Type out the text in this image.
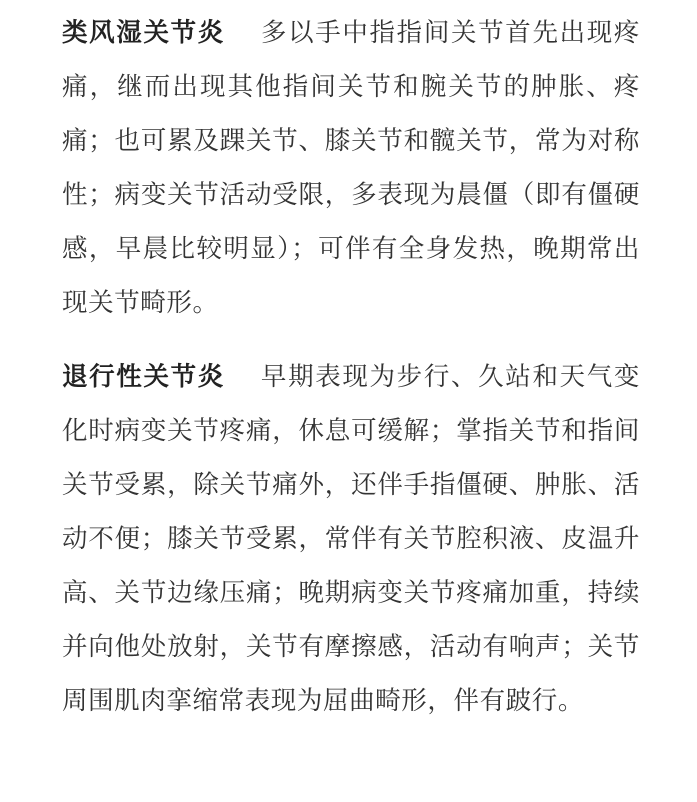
类风湿关节炎 多以手中指指间关节首先出现疼痛，继而出现其他指间关节和腕关节的肿胀、疼痛；也可累及踝关节、膝关节和髋关节，常为对称性；病变关节活动受限，多表现为晨僵（即有僵硬感，早晨比较明显）；可伴有全身发热，晚期常出现关节畸形。

退行性关节炎 早期表现为步行、久站和天气变化时病变关节疼痛，休息可缓解；掌指关节和指间关节受累，除关节痛外，还伴手指僵硬、肿胀、活动不便；膝关节受累，常伴有关节腔积液、皮温升高、关节边缘压痛；晚期病变关节疼痛加重，持续并向他处放射，关节有摩擦感，活动有响声；关节周围肌肉挛缩常表现为屈曲畸形，伴有跛行。
